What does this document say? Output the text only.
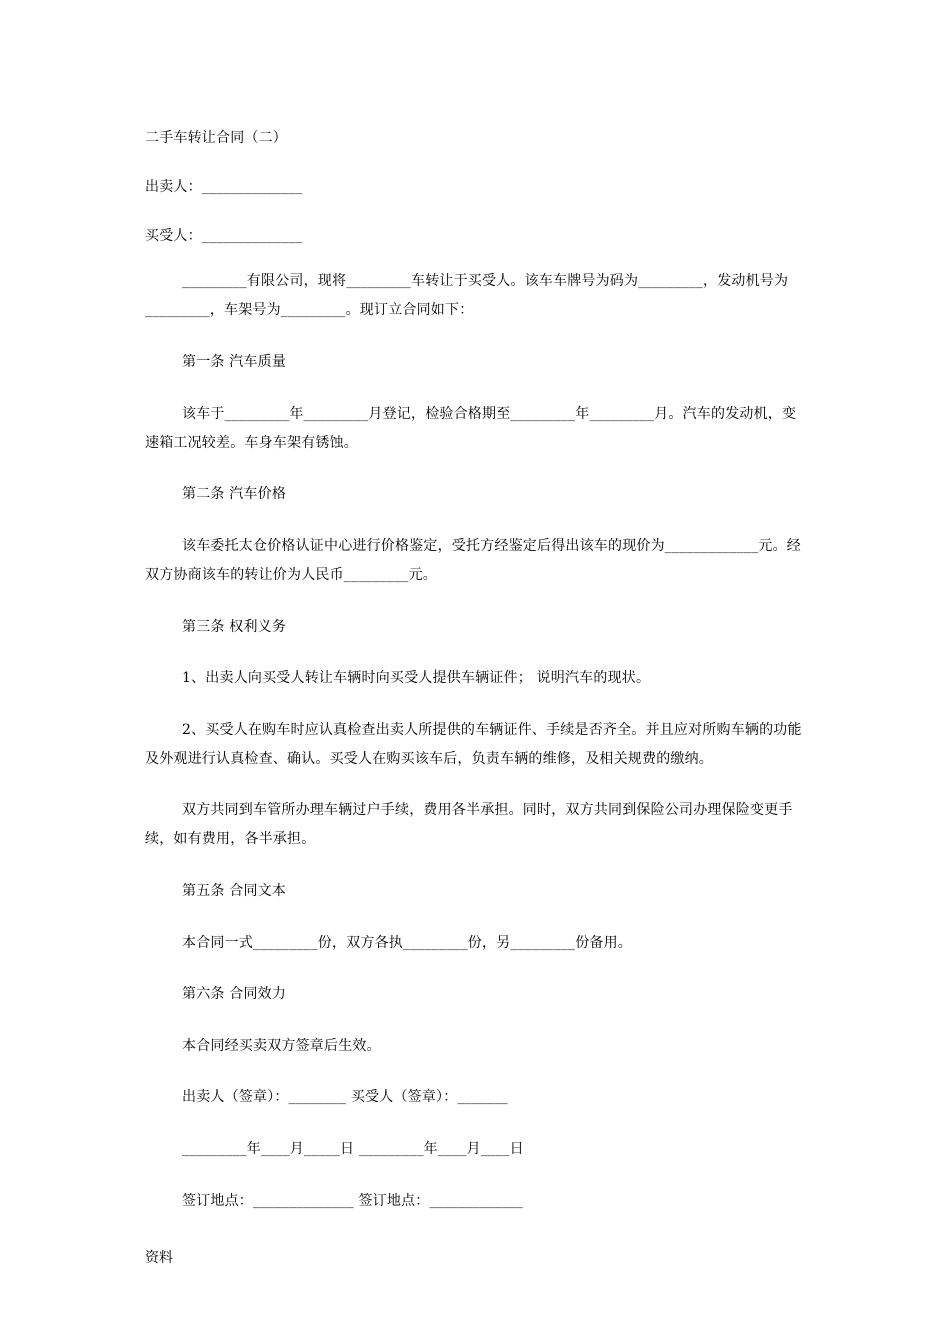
二手车转让合同（二）
出卖人：______________
买受人：______________
_________有限公司，现将_________车转让于买受人。该车车牌号为码为_________，发动机号为
_________，车架号为_________。现订立合同如下：
第一条 汽车质量
该车于_________年_________月登记，检验合格期至_________年_________月。汽车的发动机，变
速箱工况较差。车身车架有锈蚀。
第二条 汽车价格
该车委托太仓价格认证中心进行价格鉴定，受托方经鉴定后得出该车的现价为_____________元。经
双方协商该车的转让价为人民币_________元。
第三条 权利义务
1、出卖人向买受人转让车辆时向买受人提供车辆证件； 说明汽车的现状。
2、买受人在购车时应认真检查出卖人所提供的车辆证件、手续是否齐全。并且应对所购车辆的功能
及外观进行认真检查、确认。买受人在购买该车后，负责车辆的维修，及相关规费的缴纳。
双方共同到车管所办理车辆过户手续，费用各半承担。同时，双方共同到保险公司办理保险变更手
续，如有费用，各半承担。
第五条 合同文本
本合同一式_________份，双方各执_________份，另_________份备用。
第六条 合同效力
本合同经买卖双方签章后生效。
出卖人（签章）：________ 买受人（签章）：_______
_________年____月_____日 _________年____月____日
签订地点：______________ 签订地点：_____________
资料
